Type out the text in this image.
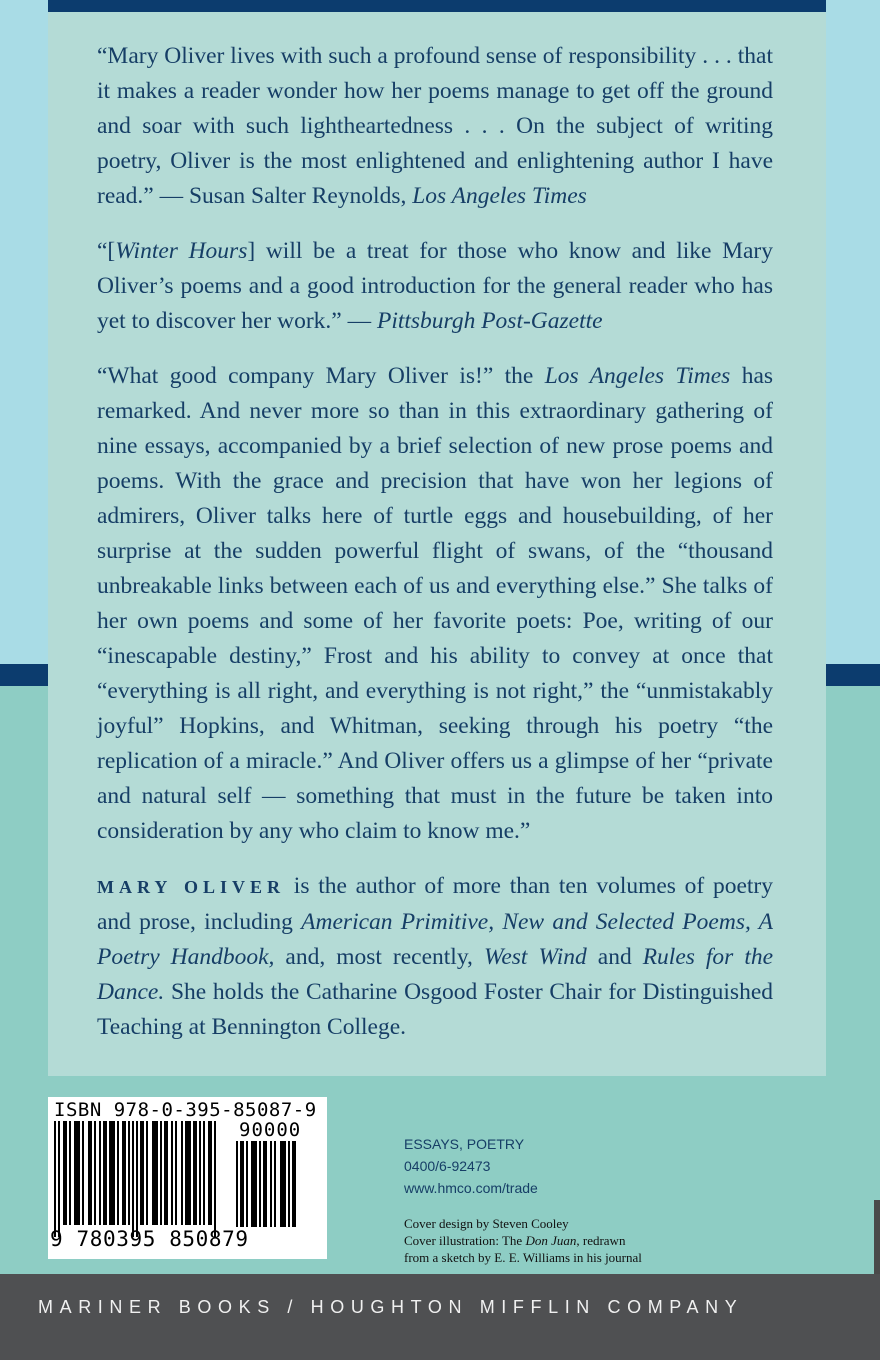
“Mary Oliver lives with such a profound sense of responsibility . . . that it makes a reader wonder how her poems manage to get off the ground and soar with such lightheartedness . . . On the subject of writing poetry, Oliver is the most enlightened and enlightening author I have read.” — Susan Salter Reynolds, Los Angeles Times

“[Winter Hours] will be a treat for those who know and like Mary Oliver’s poems and a good introduction for the general reader who has yet to discover her work.” — Pittsburgh Post-Gazette

“What good company Mary Oliver is!” the Los Angeles Times has remarked. And never more so than in this extraordinary gathering of nine essays, accompanied by a brief selection of new prose poems and poems. With the grace and precision that have won her legions of admirers, Oliver talks here of turtle eggs and housebuilding, of her surprise at the sudden powerful flight of swans, of the “thousand unbreakable links between each of us and everything else.” She talks of her own poems and some of her favorite poets: Poe, writing of our “inescapable destiny,” Frost and his ability to convey at once that “everything is all right, and everything is not right,” the “unmistakably joyful” Hopkins, and Whitman, seeking through his poetry “the replication of a miracle.” And Oliver offers us a glimpse of her “private and natural self — something that must in the future be taken into consideration by any who claim to know me.”

MARY OLIVER is the author of more than ten volumes of poetry and prose, including American Primitive, New and Selected Poems, A Poetry Handbook, and, most recently, West Wind and Rules for the Dance. She holds the Catharine Osgood Foster Chair for Distinguished Teaching at Bennington College.

ISBN 978-0-395-85087-9
90000
9 780395 850879
ESSAYS, POETRY
0400/6-92473
www.hmco.com/trade
Cover design by Steven Cooley
Cover illustration: The Don Juan, redrawn
from a sketch by E. E. Williams in his journal
MARINER BOOKS / HOUGHTON MIFFLIN COMPANY
